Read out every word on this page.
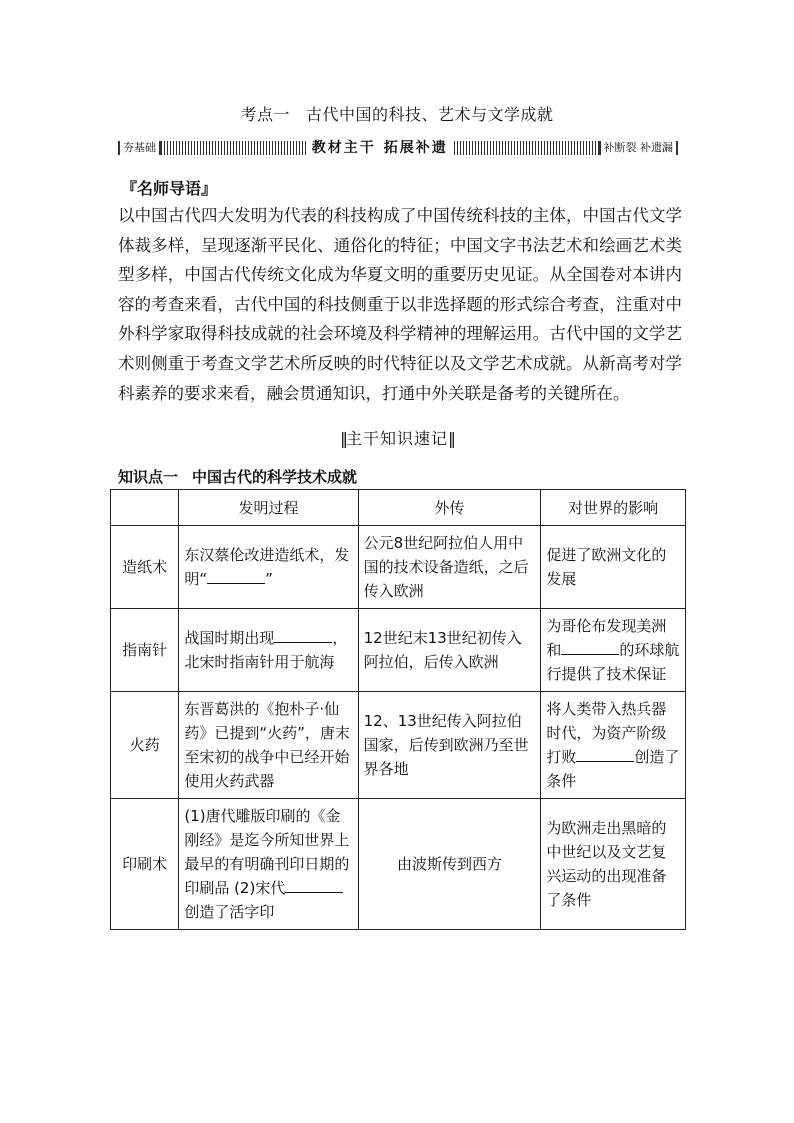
考点一 古代中国的科技、艺术与文学成就
夯基础	教材主干 拓展补遗	补断裂 补遗漏
『名师导语』
以中国古代四大发明为代表的科技构成了中国传统科技的主体，中国古代文学体裁多样，呈现逐渐平民化、通俗化的特征；中国文字书法艺术和绘画艺术类型多样，中国古代传统文化成为华夏文明的重要历史见证。从全国卷对本讲内容的考查来看，古代中国的科技侧重于以非选择题的形式综合考查，注重对中外科学家取得科技成就的社会环境及科学精神的理解运用。古代中国的文学艺术则侧重于考查文学艺术所反映的时代特征以及文学艺术成就。从新高考对学科素养的要求来看，融会贯通知识，打通中外关联是备考的关键所在。
‖主干知识速记‖
知识点一 中国古代的科学技术成就
	发明过程	外传	对世界的影响
造纸术	东汉蔡伦改进造纸术，发明“ ”	公元8世纪阿拉伯人用中国的技术设备造纸，之后传入欧洲	促进了欧洲文化的发展
指南针	战国时期出现 ，北宋时指南针用于航海	12世纪末13世纪初传入阿拉伯，后传入欧洲	为哥伦布发现美洲和 的环球航行提供了技术保证
火药	东晋葛洪的《抱朴子·仙药》已提到“火药”，唐末至宋初的战争中已经开始使用火药武器	12、13世纪传入阿拉伯国家，后传到欧洲乃至世界各地	将人类带入热兵器时代，为资产阶级打败 创造了条件
印刷术	(1)唐代雕版印刷的《金刚经》是迄今所知世界上最早的有明确刊印日期的印刷品 (2)宋代创造了活字印	由波斯传到西方	为欧洲走出黑暗的中世纪以及文艺复兴运动的出现准备了条件
